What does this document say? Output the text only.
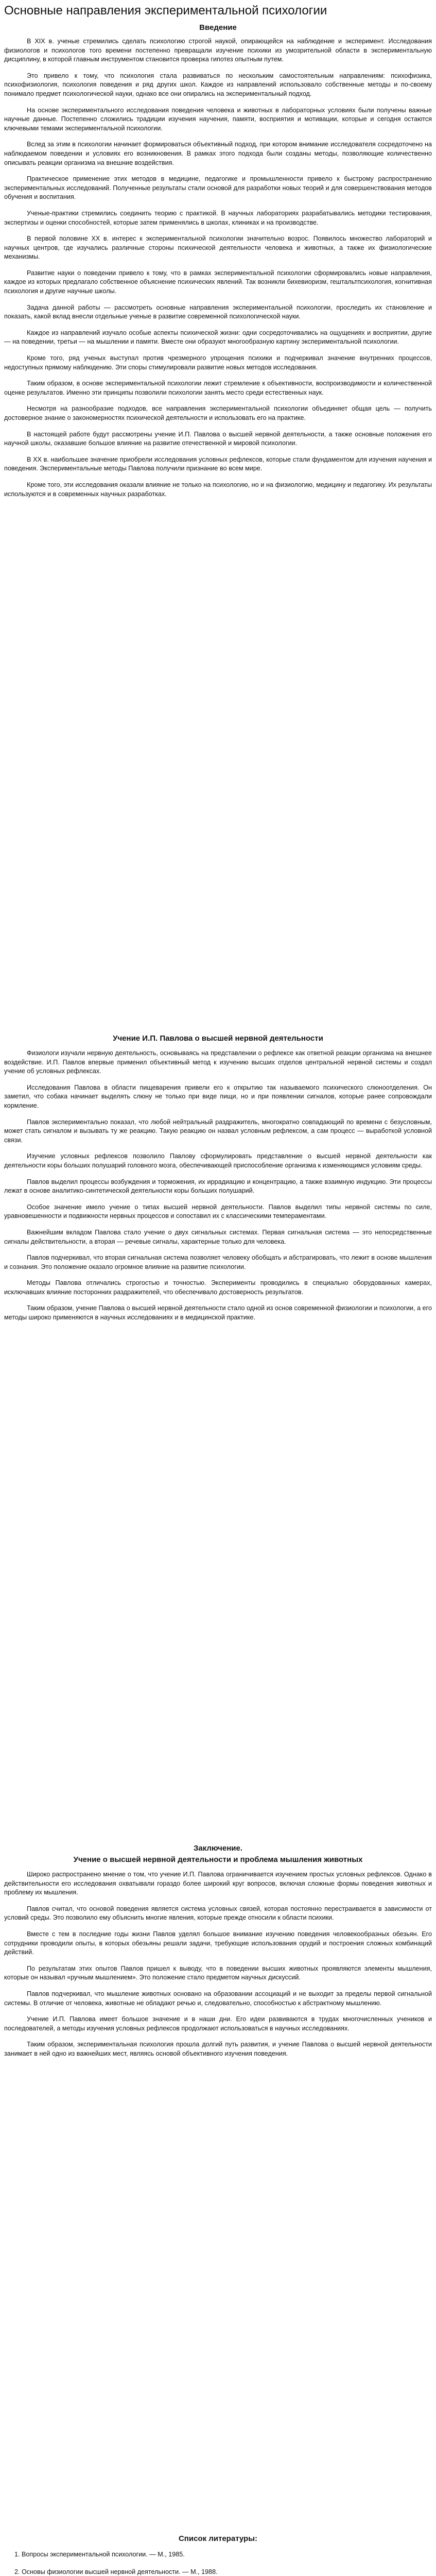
Основные направления экспериментальной психологии
Введение

В XIX в. ученые стремились сделать психологию строгой наукой, опирающейся на наблюдение и эксперимент. Исследования физиологов и психологов того времени постепенно превращали изучение психики из умозрительной области в экспериментальную дисциплину, в которой главным инструментом становится проверка гипотез опытным путем.

Это привело к тому, что психология стала развиваться по нескольким самостоятельным направлениям: психофизика, психофизиология, психология поведения и ряд других школ. Каждое из направлений использовало собственные методы и по-своему понимало предмет психологической науки, однако все они опирались на экспериментальный подход.

На основе экспериментального исследования поведения человека и животных в лабораторных условиях были получены важные научные данные. Постепенно сложились традиции изучения научения, памяти, восприятия и мотивации, которые и сегодня остаются ключевыми темами экспериментальной психологии.

Вслед за этим в психологии начинает формироваться объективный подход, при котором внимание исследователя сосредоточено на наблюдаемом поведении и условиях его возникновения. В рамках этого подхода были созданы методы, позволяющие количественно описывать реакции организма на внешние воздействия.

Практическое применение этих методов в медицине, педагогике и промышленности привело к быстрому распространению экспериментальных исследований. Полученные результаты стали основой для разработки новых теорий и для совершенствования методов обучения и воспитания.

Ученые-практики стремились соединить теорию с практикой. В научных лабораториях разрабатывались методики тестирования, экспертизы и оценки способностей, которые затем применялись в школах, клиниках и на производстве.

В первой половине XX в. интерес к экспериментальной психологии значительно возрос. Появилось множество лабораторий и научных центров, где изучались различные стороны психической деятельности человека и животных, а также их физиологические механизмы.

Развитие науки о поведении привело к тому, что в рамках экспериментальной психологии сформировались новые направления, каждое из которых предлагало собственное объяснение психических явлений. Так возникли бихевиоризм, гештальтпсихология, когнитивная психология и другие научные школы.

Задача данной работы — рассмотреть основные направления экспериментальной психологии, проследить их становление и показать, какой вклад внесли отдельные ученые в развитие современной психологической науки.

Каждое из направлений изучало особые аспекты психической жизни: одни сосредоточивались на ощущениях и восприятии, другие — на поведении, третьи — на мышлении и памяти. Вместе они образуют многообразную картину экспериментальной психологии.

Кроме того, ряд ученых выступал против чрезмерного упрощения психики и подчеркивал значение внутренних процессов, недоступных прямому наблюдению. Эти споры стимулировали развитие новых методов исследования.

Таким образом, в основе экспериментальной психологии лежит стремление к объективности, воспроизводимости и количественной оценке результатов. Именно эти принципы позволили психологии занять место среди естественных наук.

Несмотря на разнообразие подходов, все направления экспериментальной психологии объединяет общая цель — получить достоверное знание о закономерностях психической деятельности и использовать его на практике.

В настоящей работе будут рассмотрены учение И.П. Павлова о высшей нервной деятельности, а также основные положения его научной школы, оказавшие большое влияние на развитие отечественной и мировой психологии.

В XX в. наибольшее значение приобрели исследования условных рефлексов, которые стали фундаментом для изучения научения и поведения. Экспериментальные методы Павлова получили признание во всем мире.

Кроме того, эти исследования оказали влияние не только на психологию, но и на физиологию, медицину и педагогику. Их результаты используются и в современных научных разработках.

Учение И.П. Павлова о высшей нервной деятельности

Физиологи изучали нервную деятельность, основываясь на представлении о рефлексе как ответной реакции организма на внешнее воздействие. И.П. Павлов впервые применил объективный метод к изучению высших отделов центральной нервной системы и создал учение об условных рефлексах.

Исследования Павлова в области пищеварения привели его к открытию так называемого психического слюноотделения. Он заметил, что собака начинает выделять слюну не только при виде пищи, но и при появлении сигналов, которые ранее сопровождали кормление.

Павлов экспериментально показал, что любой нейтральный раздражитель, многократно совпадающий по времени с безусловным, может стать сигналом и вызывать ту же реакцию. Такую реакцию он назвал условным рефлексом, а сам процесс — выработкой условной связи.

Изучение условных рефлексов позволило Павлову сформулировать представление о высшей нервной деятельности как деятельности коры больших полушарий головного мозга, обеспечивающей приспособление организма к изменяющимся условиям среды.

Павлов выделил процессы возбуждения и торможения, их иррадиацию и концентрацию, а также взаимную индукцию. Эти процессы лежат в основе аналитико-синтетической деятельности коры больших полушарий.

Особое значение имело учение о типах высшей нервной деятельности. Павлов выделил типы нервной системы по силе, уравновешенности и подвижности нервных процессов и сопоставил их с классическими темпераментами.

Важнейшим вкладом Павлова стало учение о двух сигнальных системах. Первая сигнальная система — это непосредственные сигналы действительности, а вторая — речевые сигналы, характерные только для человека.

Павлов подчеркивал, что вторая сигнальная система позволяет человеку обобщать и абстрагировать, что лежит в основе мышления и сознания. Это положение оказало огромное влияние на развитие психологии.

Методы Павлова отличались строгостью и точностью. Эксперименты проводились в специально оборудованных камерах, исключавших влияние посторонних раздражителей, что обеспечивало достоверность результатов.

Таким образом, учение Павлова о высшей нервной деятельности стало одной из основ современной физиологии и психологии, а его методы широко применяются в научных исследованиях и в медицинской практике.

Заключение.
Учение о высшей нервной деятельности и проблема мышления животных

Широко распространено мнение о том, что учение И.П. Павлова ограничивается изучением простых условных рефлексов. Однако в действительности его исследования охватывали гораздо более широкий круг вопросов, включая сложные формы поведения животных и проблему их мышления.

Павлов считал, что основой поведения является система условных связей, которая постоянно перестраивается в зависимости от условий среды. Это позволило ему объяснить многие явления, которые прежде относили к области психики.

Вместе с тем в последние годы жизни Павлов уделял большое внимание изучению поведения человекообразных обезьян. Его сотрудники проводили опыты, в которых обезьяны решали задачи, требующие использования орудий и построения сложных комбинаций действий.

По результатам этих опытов Павлов пришел к выводу, что в поведении высших животных проявляются элементы мышления, которые он называл «ручным мышлением». Это положение стало предметом научных дискуссий.

Павлов подчеркивал, что мышление животных основано на образовании ассоциаций и не выходит за пределы первой сигнальной системы. В отличие от человека, животные не обладают речью и, следовательно, способностью к абстрактному мышлению.

Учение И.П. Павлова имеет большое значение и в наши дни. Его идеи развиваются в трудах многочисленных учеников и последователей, а методы изучения условных рефлексов продолжают использоваться в научных исследованиях.

Таким образом, экспериментальная психология прошла долгий путь развития, и учение Павлова о высшей нервной деятельности занимает в ней одно из важнейших мест, являясь основой объективного изучения поведения.

Список литературы:
1. Вопросы экспериментальной психологии. — М., 1985.
2. Основы физиологии высшей нервной деятельности. — М., 1988.
